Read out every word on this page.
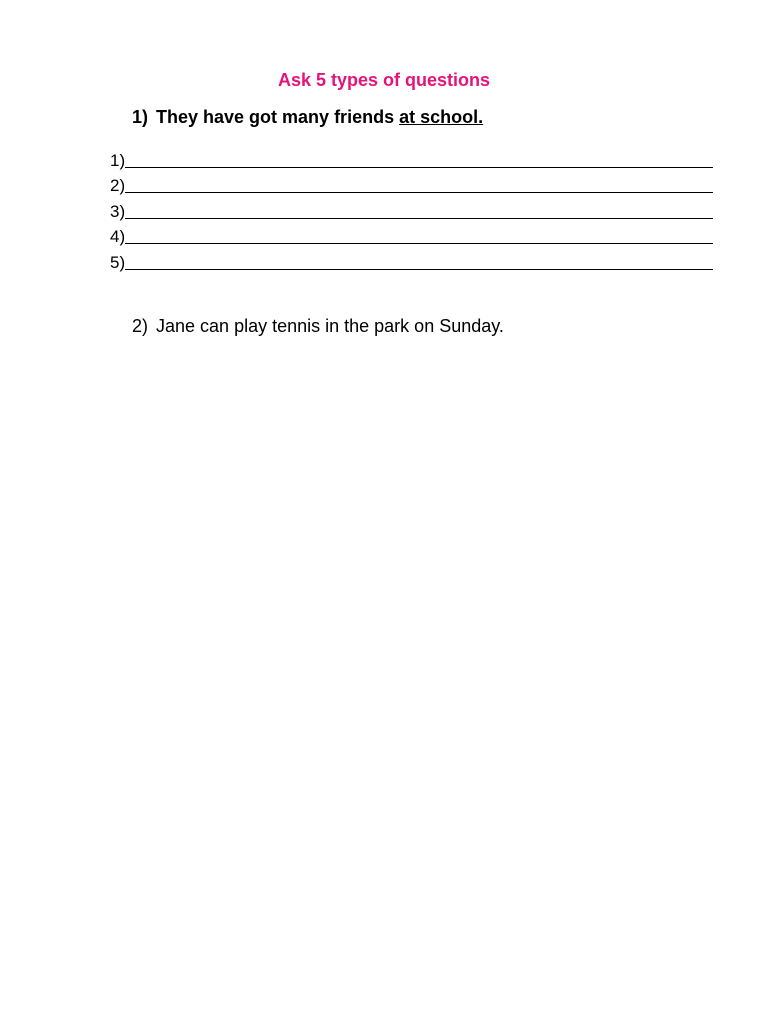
Ask 5 types of questions
1) They have got many friends at school.
1)
2)
3)
4)
5)
2) Jane can play tennis in the park on Sunday.
